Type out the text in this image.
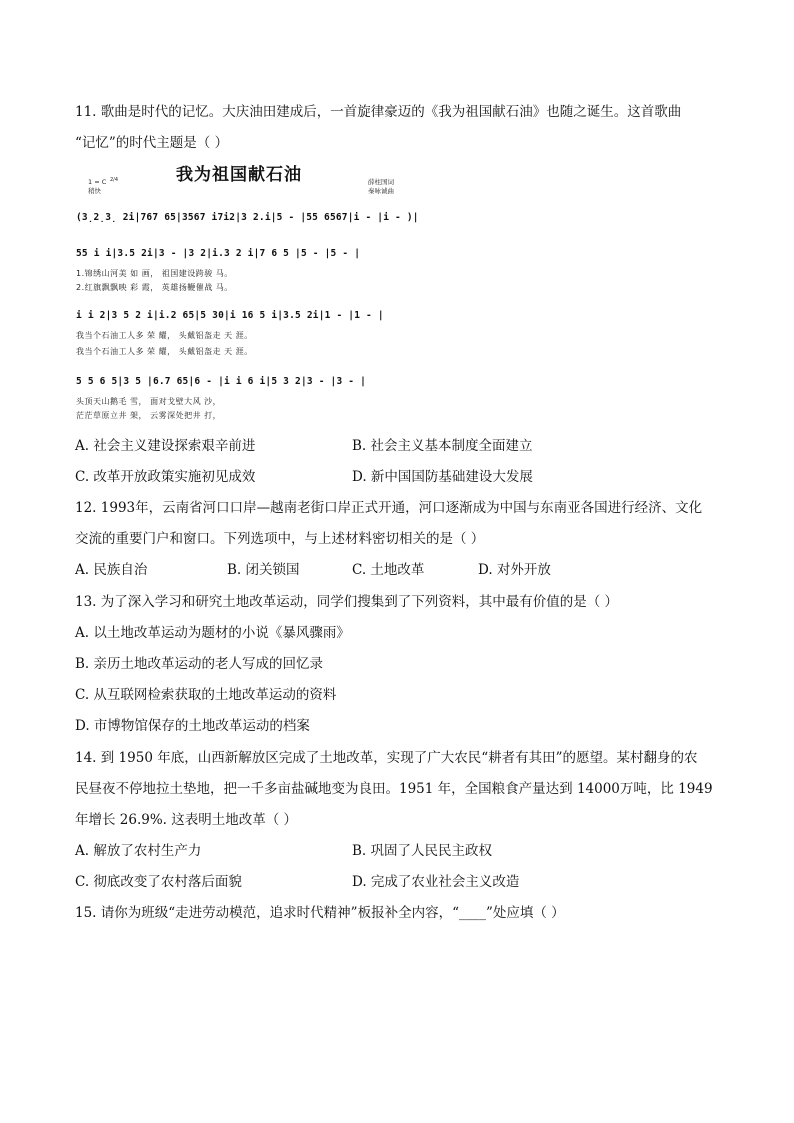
11. 歌曲是时代的记忆。大庆油田建成后，一首旋律豪迈的《我为祖国献石油》也随之诞生。这首歌曲
“记忆”的时代主题是（ ）
我为祖国献石油
1 = C 2/4
稍快
薛柱国词
秦咏诚曲
(3̣2̣3̣ 2̇i|767 65|3567 i7i2|3 2.i|5 - |55 6567|i - |i - )|
55 i i|3.5 2i|3 - |3 2|i.3 2 i|7 6 5 |5 - |5 - |
1.锦绣山河美 如 画， 祖国建设跨骏 马。
2.红旗飘飘映 彩 霞， 英雄扬鞭催战 马。
i i 2|3 5 2 i|i.2 65|5 30|i 16 5 i|3.5 2i|1 - |1 - |
我当个石油工人多 荣 耀， 头戴铝盔走 天 涯。
我当个石油工人多 荣 耀， 头戴铝盔走 天 涯。
5 5 6 5|3 5 |6.7 65|6 - |i i 6 i|5 3 2|3 - |3 - |
头顶天山鹅毛 雪， 面对戈壁大风 沙，
茫茫草原立井 架， 云雾深处把井 打，
A. 社会主义建设探索艰辛前进	B. 社会主义基本制度全面建立
C. 改革开放政策实施初见成效	D. 新中国国防基础建设大发展
12. 1993年，云南省河口口岸—越南老街口岸正式开通，河口逐渐成为中国与东南亚各国进行经济、文化
交流的重要门户和窗口。下列选项中，与上述材料密切相关的是（ ）
A. 民族自治	B. 闭关锁国	C. 土地改革	D. 对外开放
13. 为了深入学习和研究土地改革运动，同学们搜集到了下列资料，其中最有价值的是（ ）
A. 以土地改革运动为题材的小说《暴风骤雨》
B. 亲历土地改革运动的老人写成的回忆录
C. 从互联网检索获取的土地改革运动的资料
D. 市博物馆保存的土地改革运动的档案
14. 到 1950 年底，山西新解放区完成了土地改革，实现了广大农民“耕者有其田”的愿望。某村翻身的农
民昼夜不停地拉土垫地，把一千多亩盐碱地变为良田。1951 年，全国粮食产量达到 14000万吨，比 1949
年增长 26.9%. 这表明土地改革（ ）
A. 解放了农村生产力	B. 巩固了人民民主政权
C. 彻底改变了农村落后面貌	D. 完成了农业社会主义改造
15. 请你为班级“走进劳动模范，追求时代精神”板报补全内容，“____”处应填（ ）
